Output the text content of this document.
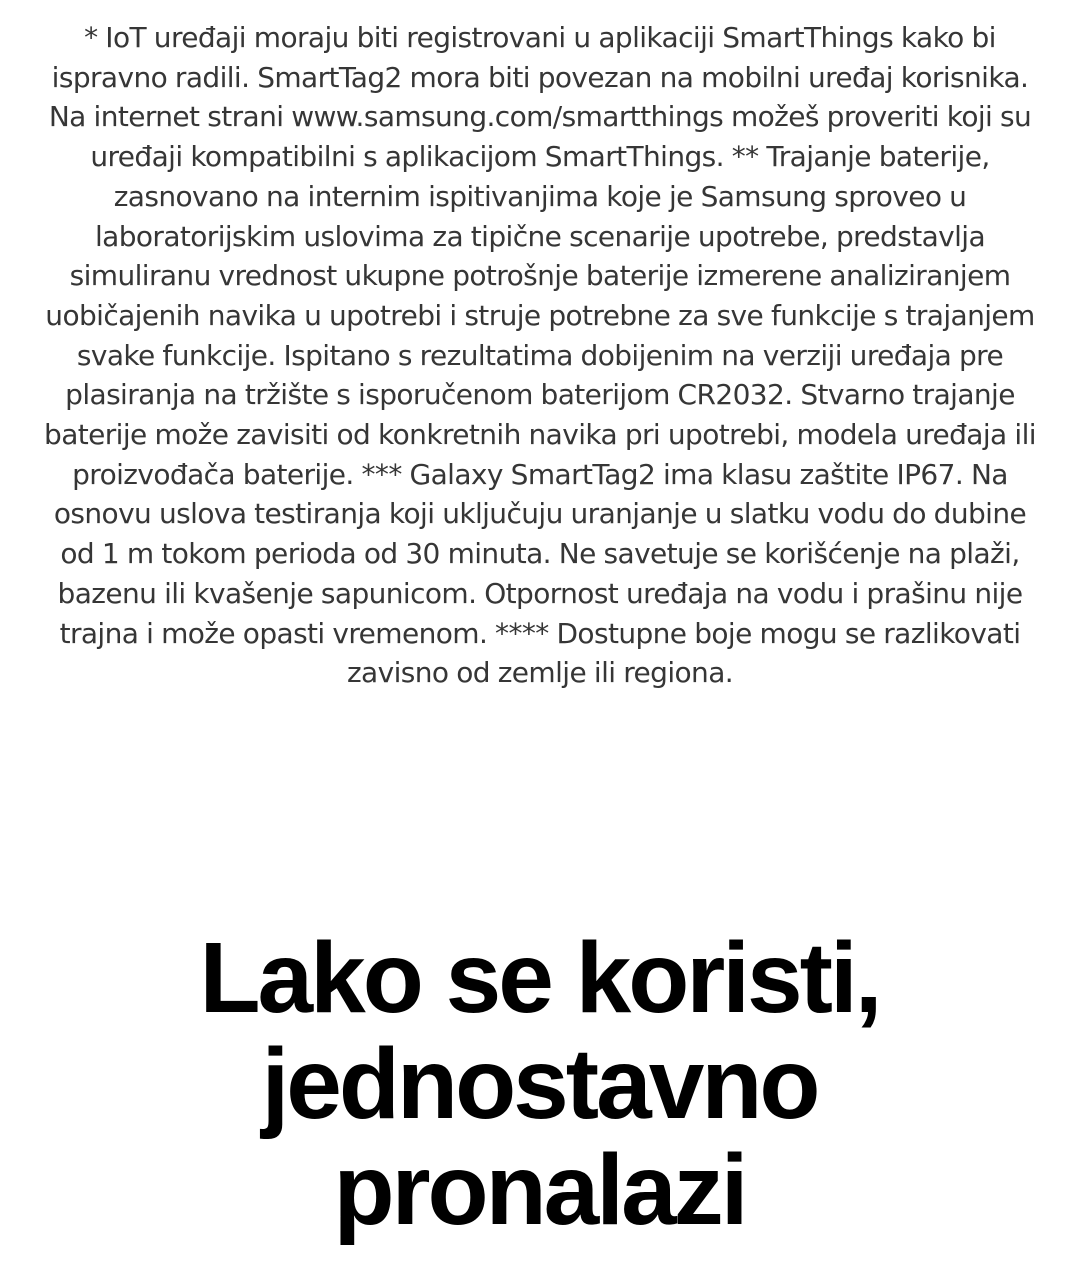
* IoT uređaji moraju biti registrovani u aplikaciji SmartThings kako bi ispravno radili. SmartTag2 mora biti povezan na mobilni uređaj korisnika. Na internet strani www.samsung.com/smartthings možeš proveriti koji su uređaji kompatibilni s aplikacijom SmartThings. ** Trajanje baterije, zasnovano na internim ispitivanjima koje je Samsung sproveo u laboratorijskim uslovima za tipične scenarije upotrebe, predstavlja simuliranu vrednost ukupne potrošnje baterije izmerene analiziranjem uobičajenih navika u upotrebi i struje potrebne za sve funkcije s trajanjem svake funkcije. Ispitano s rezultatima dobijenim na verziji uređaja pre plasiranja na tržište s isporučenom baterijom CR2032. Stvarno trajanje baterije može zavisiti od konkretnih navika pri upotrebi, modela uređaja ili proizvođača baterije. *** Galaxy SmartTag2 ima klasu zaštite IP67. Na osnovu uslova testiranja koji uključuju uranjanje u slatku vodu do dubine od 1 m tokom perioda od 30 minuta. Ne savetuje se korišćenje na plaži, bazenu ili kvašenje sapunicom. Otpornost uređaja na vodu i prašinu nije trajna i može opasti vremenom. **** Dostupne boje mogu se razlikovati zavisno od zemlje ili regiona.

Lako se koristi,
jednostavno
pronalazi
